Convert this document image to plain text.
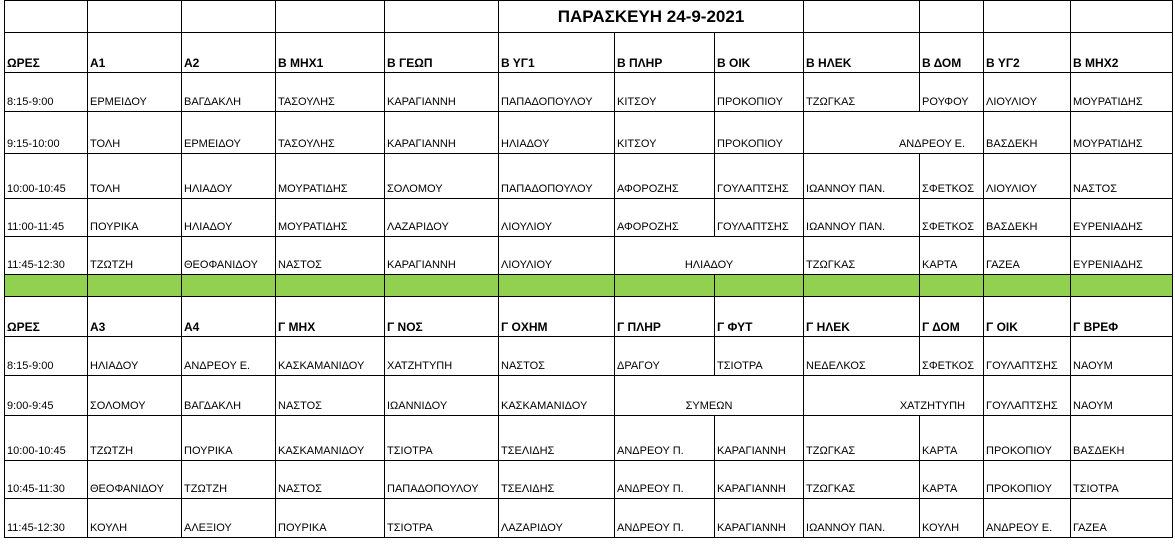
					ΠΑΡΑΣΚΕΥΗ 24-9-2021						
ΩΡΕΣ	Α1	Α2	Β ΜΗΧ1	Β ΓΕΩΠ	Β ΥΓ1	Β ΠΛΗΡ	Β ΟΙΚ	Β ΗΛΕΚ	Β ΔΟΜ	Β ΥΓ2	Β ΜΗΧ2
8:15-9:00	ΕΡΜΕΙΔΟΥ	ΒΑΓΔΑΚΛΗ	ΤΑΣΟΥΛΗΣ	ΚΑΡΑΓΙΑΝΝΗ	ΠΑΠΑΔΟΠΟΥΛΟΥ	ΚΙΤΣΟΥ	ΠΡΟΚΟΠΙΟΥ	ΤΖΩΓΚΑΣ	ΡΟΥΦΟΥ	ΛΙΟΥΛΙΟΥ	ΜΟΥΡΑΤΙΔΗΣ
9:15-10:00	ΤΟΛΗ	ΕΡΜΕΙΔΟΥ	ΤΑΣΟΥΛΗΣ	ΚΑΡΑΓΙΑΝΝΗ	ΗΛΙΑΔΟΥ	ΚΙΤΣΟΥ	ΠΡΟΚΟΠΙΟΥ	ΑΝΔΡΕΟΥ Ε.		ΒΑΣΔΕΚΗ	ΜΟΥΡΑΤΙΔΗΣ
10:00-10:45	ΤΟΛΗ	ΗΛΙΑΔΟΥ	ΜΟΥΡΑΤΙΔΗΣ	ΣΟΛΟΜΟΥ	ΠΑΠΑΔΟΠΟΥΛΟΥ	ΑΦΟΡΟΖΗΣ	ΓΟΥΛΑΠΤΣΗΣ	ΙΩΑΝΝΟΥ ΠΑΝ.	ΣΦΕΤΚΟΣ	ΛΙΟΥΛΙΟΥ	ΝΑΣΤΟΣ
11:00-11:45	ΠΟΥΡΙΚΑ	ΗΛΙΑΔΟΥ	ΜΟΥΡΑΤΙΔΗΣ	ΛΑΖΑΡΙΔΟΥ	ΛΙΟΥΛΙΟΥ	ΑΦΟΡΟΖΗΣ	ΓΟΥΛΑΠΤΣΗΣ	ΙΩΑΝΝΟΥ ΠΑΝ.	ΣΦΕΤΚΟΣ	ΒΑΣΔΕΚΗ	ΕΥΡΕΝΙΑΔΗΣ
11:45-12:30	ΤΖΩΤΖΗ	ΘΕΟΦΑΝΙΔΟΥ	ΝΑΣΤΟΣ	ΚΑΡΑΓΙΑΝΝΗ	ΛΙΟΥΛΙΟΥ	ΗΛΙΑΔΟΥ		ΤΖΩΓΚΑΣ	ΚΑΡΤΑ	ΓΑΖΕΑ	ΕΥΡΕΝΙΑΔΗΣ

ΩΡΕΣ	Α3	Α4	Γ ΜΗΧ	Γ ΝΟΣ	Γ ΟΧΗΜ	Γ ΠΛΗΡ	Γ ΦΥΤ	Γ ΗΛΕΚ	Γ ΔΟΜ	Γ ΟΙΚ	Γ ΒΡΕΦ
8:15-9:00	ΗΛΙΑΔΟΥ	ΑΝΔΡΕΟΥ Ε.	ΚΑΣΚΑΜΑΝΙΔΟΥ	ΧΑΤΖΗΤΥΠΗ	ΝΑΣΤΟΣ	ΔΡΑΓΟΥ	ΤΣΙΟΤΡΑ	ΝΕΔΕΛΚΟΣ	ΣΦΕΤΚΟΣ	ΓΟΥΛΑΠΤΣΗΣ	ΝΑΟΥΜ
9:00-9:45	ΣΟΛΟΜΟΥ	ΒΑΓΔΑΚΛΗ	ΝΑΣΤΟΣ	ΙΩΑΝΝΙΔΟΥ	ΚΑΣΚΑΜΑΝΙΔΟΥ	ΣΥΜΕΩΝ		ΧΑΤΖΗΤΥΠΗ		ΓΟΥΛΑΠΤΣΗΣ	ΝΑΟΥΜ
10:00-10:45	ΤΖΩΤΖΗ	ΠΟΥΡΙΚΑ	ΚΑΣΚΑΜΑΝΙΔΟΥ	ΤΣΙΟΤΡΑ	ΤΣΕΛΙΔΗΣ	ΑΝΔΡΕΟΥ Π.	ΚΑΡΑΓΙΑΝΝΗ	ΤΖΩΓΚΑΣ	ΚΑΡΤΑ	ΠΡΟΚΟΠΙΟΥ	ΒΑΣΔΕΚΗ
10:45-11:30	ΘΕΟΦΑΝΙΔΟΥ	ΤΖΩΤΖΗ	ΝΑΣΤΟΣ	ΠΑΠΑΔΟΠΟΥΛΟΥ	ΤΣΕΛΙΔΗΣ	ΑΝΔΡΕΟΥ Π.	ΚΑΡΑΓΙΑΝΝΗ	ΤΖΩΓΚΑΣ	ΚΑΡΤΑ	ΠΡΟΚΟΠΙΟΥ	ΤΣΙΟΤΡΑ
11:45-12:30	ΚΟΥΛΗ	ΑΛΕΞΙΟΥ	ΠΟΥΡΙΚΑ	ΤΣΙΟΤΡΑ	ΛΑΖΑΡΙΔΟΥ	ΑΝΔΡΕΟΥ Π.	ΚΑΡΑΓΙΑΝΝΗ	ΙΩΑΝΝΟΥ ΠΑΝ.	ΚΟΥΛΗ	ΑΝΔΡΕΟΥ Ε.	ΓΑΖΕΑ
